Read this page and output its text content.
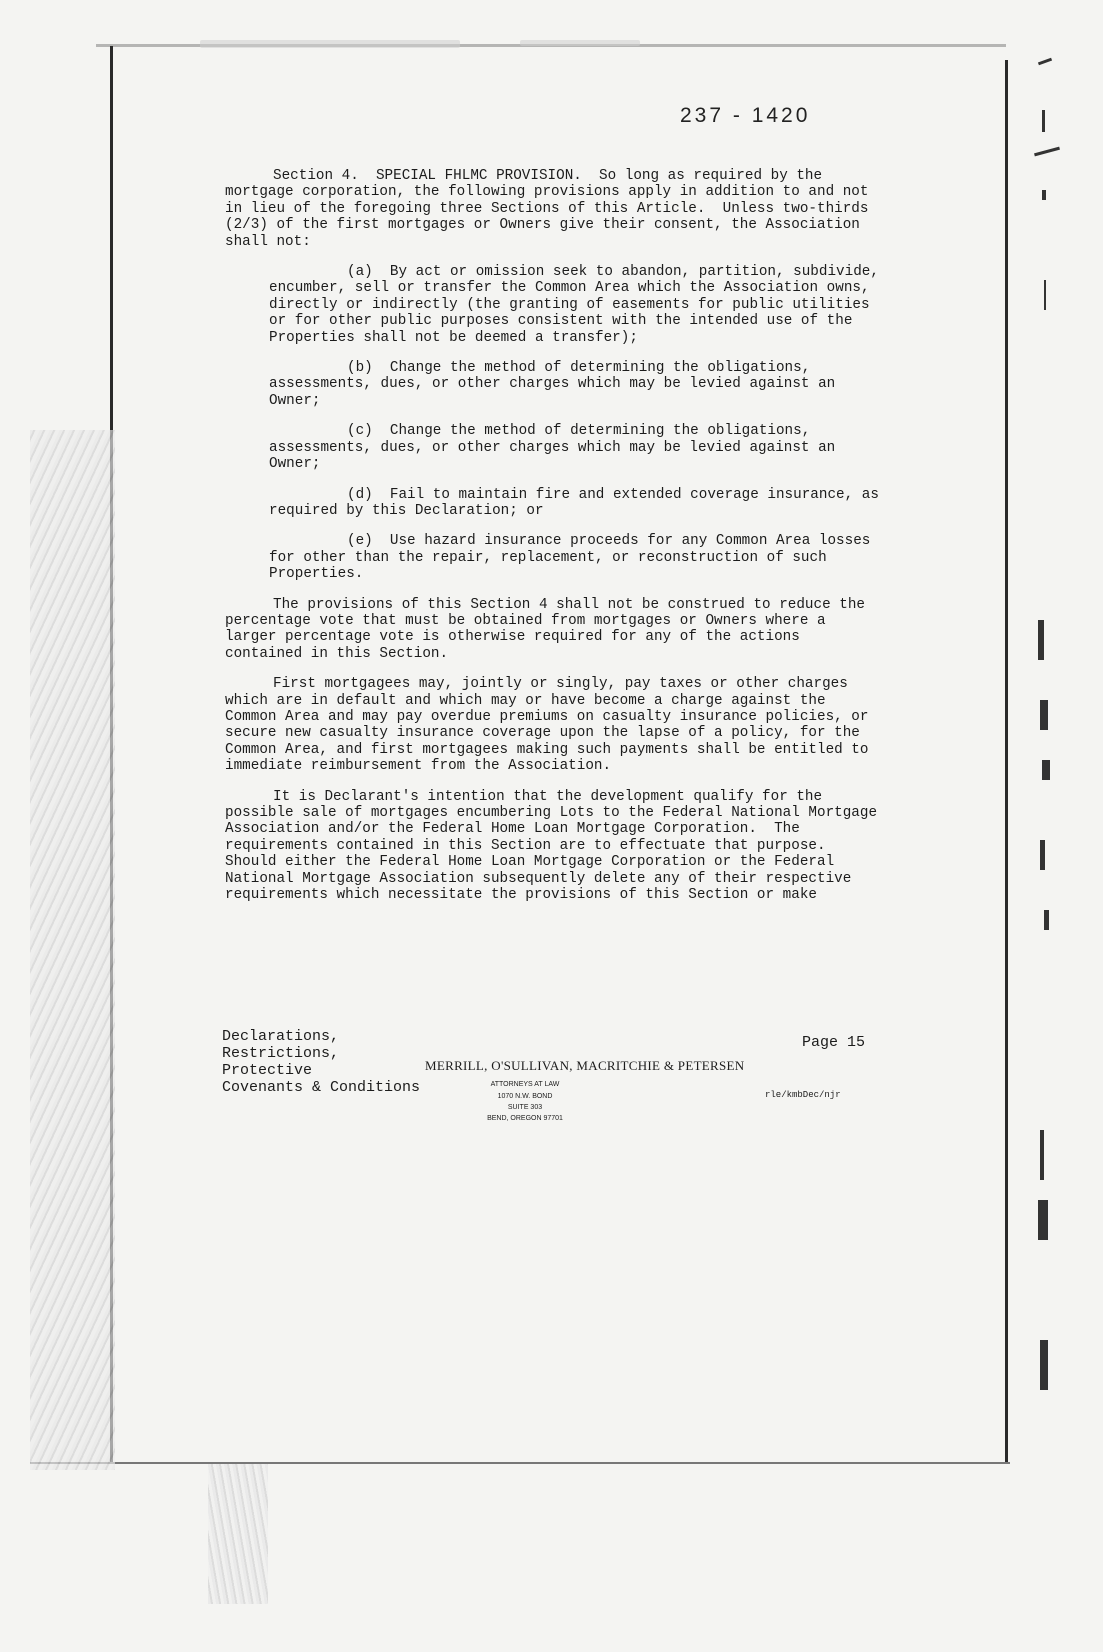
237 - 1420

Section 4.  SPECIAL FHLMC PROVISION.  So long as required by the mortgage corporation, the following provisions apply in addition to and not in lieu of the foregoing three Sections of this Article.  Unless two-thirds (2/3) of the first mortgages or Owners give their consent, the Association shall not:

(a)  By act or omission seek to abandon, partition, subdivide, encumber, sell or transfer the Common Area which the Association owns, directly or indirectly (the granting of easements for public utilities or for other public purposes consistent with the intended use of the Properties shall not be deemed a transfer);

(b)  Change the method of determining the obligations, assessments, dues, or other charges which may be levied against an Owner;

(c)  Change the method of determining the obligations, assessments, dues, or other charges which may be levied against an Owner;

(d)  Fail to maintain fire and extended coverage insurance, as required by this Declaration; or

(e)  Use hazard insurance proceeds for any Common Area losses for other than the repair, replacement, or reconstruction of such Properties.

The provisions of this Section 4 shall not be construed to reduce the percentage vote that must be obtained from mortgages or Owners where a larger percentage vote is otherwise required for any of the actions contained in this Section.

First mortgagees may, jointly or singly, pay taxes or other charges which are in default and which may or have become a charge against the Common Area and may pay overdue premiums on casualty insurance policies, or secure new casualty insurance coverage upon the lapse of a policy, for the Common Area, and first mortgagees making such payments shall be entitled to immediate reimbursement from the Association.

It is Declarant's intention that the development qualify for the possible sale of mortgages encumbering Lots to the Federal National Mortgage Association and/or the Federal Home Loan Mortgage Corporation.  The requirements contained in this Section are to effectuate that purpose.  Should either the Federal Home Loan Mortgage Corporation or the Federal National Mortgage Association subsequently delete any of their respective requirements which necessitate the provisions of this Section or make

Declarations,
Restrictions,
Protective
Covenants & Conditions
MERRILL, O'SULLIVAN, MACRITCHIE & PETERSEN
ATTORNEYS AT LAW
1070 N.W. BOND
SUITE 303
BEND, OREGON 97701
Page 15
rle/kmbDec/njr
